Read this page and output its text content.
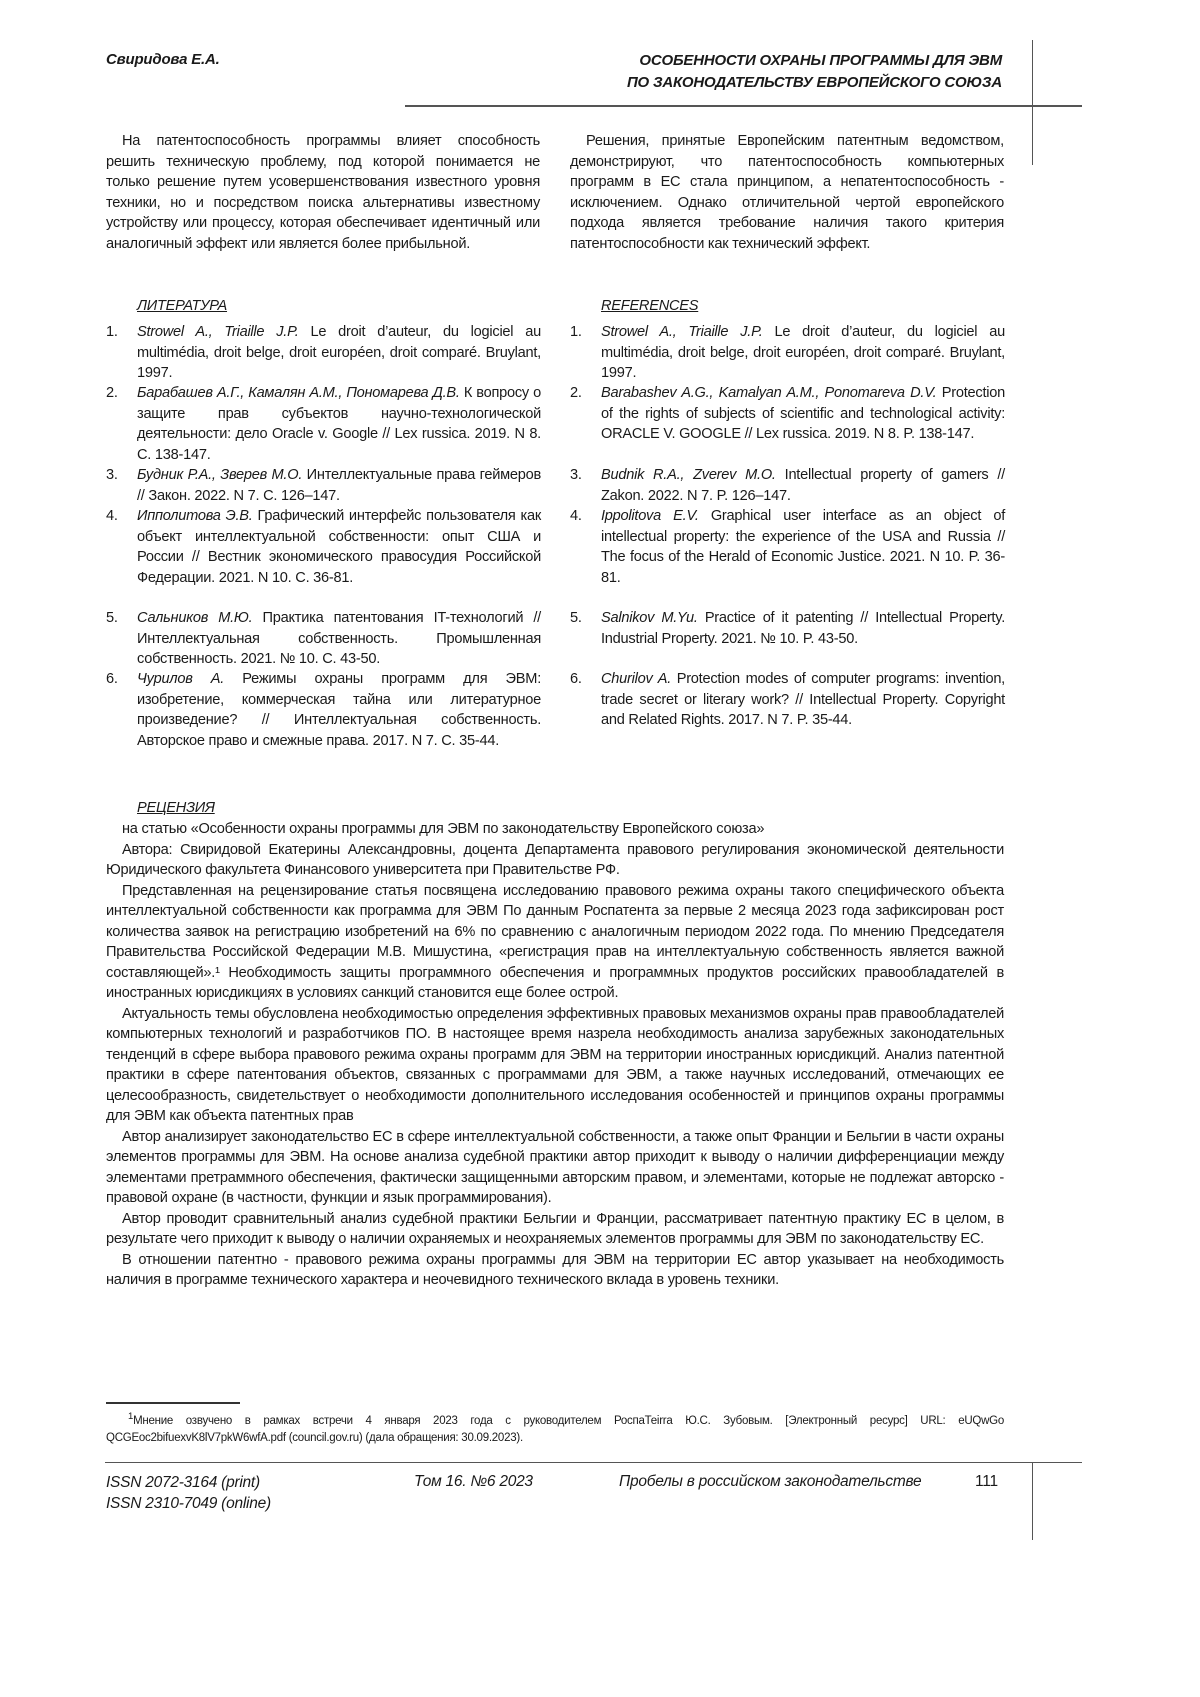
Свиридова Е.А.	ОСОБЕННОСТИ ОХРАНЫ ПРОГРАММЫ ДЛЯ ЭВМ
ПО ЗАКОНОДАТЕЛЬСТВУ ЕВРОПЕЙСКОГО СОЮЗА

На патентоспособность программы влияет способность решить техническую проблему, под которой понимается не только решение путем усовершенствования известного уровня техники, но и посредством поиска альтернативы известному устройству или процессу, которая обеспечивает идентичный или аналогичный эффект или является более прибыльной.

Решения, принятые Европейским патентным ведомством, демонстрируют, что патентоспособность компьютерных программ в ЕС стала принципом, а непатентоспособность - исключением. Однако отличительной чертой европейского подхода является требование наличия такого критерия патентоспособности как технический эффект.

ЛИТЕРАТУРА	REFERENCES
1.	Strowel A., Triaille J.P. Le droit d’auteur, du logiciel au multimédia, droit belge, droit européen, droit comparé. Bruylant, 1997.
2.	Барабашев А.Г., Камалян А.М., Пономарева Д.В. К вопросу о защите прав субъектов научно-технологической деятельности: дело Oracle v. Google // Lex russica. 2019. N 8. С. 138-147.
3.	Будник Р.А., Зверев М.О. Интеллектуальные права геймеров // Закон. 2022. N 7. С. 126–147.
4.	Ипполитова Э.В. Графический интерфейс пользователя как объект интеллектуальной собственности: опыт США и России // Вестник экономического правосудия Российской Федерации. 2021. N 10. С. 36-81.
5.	Сальников М.Ю. Практика патентования IT-технологий // Интеллектуальная собственность. Промышленная собственность. 2021. № 10. С. 43-50.
6.	Чурилов А. Режимы охраны программ для ЭВМ: изобретение, коммерческая тайна или литературное произведение? // Интеллектуальная собственность. Авторское право и смежные права. 2017. N 7. С. 35-44.
1.	Strowel A., Triaille J.P. Le droit d’auteur, du logiciel au multimédia, droit belge, droit européen, droit comparé. Bruylant, 1997.
2.	Barabashev A.G., Kamalyan A.M., Ponomareva D.V. Protection of the rights of subjects of scientific and technological activity: ORACLE V. GOOGLE // Lex russica. 2019. N 8. P. 138-147.
3.	Budnik R.A., Zverev M.O. Intellectual property of gamers // Zakon. 2022. N 7. P. 126–147.
4.	Ippolitova E.V. Graphical user interface as an object of intellectual property: the experience of the USA and Russia // The focus of the Herald of Economic Justice. 2021. N 10. P. 36-81.
5.	Salnikov M.Yu. Practice of it patenting // Intellectual Property. Industrial Property. 2021. № 10. P. 43-50.
6.	Churilov A. Protection modes of computer programs: invention, trade secret or literary work? // Intellectual Property. Copyright and Related Rights. 2017. N 7. P. 35-44.
РЕЦЕНЗИЯ

на статью «Особенности охраны программы для ЭВМ по законодательству Европейского союза»

Автора: Свиридовой Екатерины Александровны, доцента Департамента правового регулирования экономической деятельности Юридического факультета Финансового университета при Правительстве РФ.

Представленная на рецензирование статья посвящена исследованию правового режима охраны такого специфического объекта интеллектуальной собственности как программа для ЭВМ По данным Роспатента за первые 2 месяца 2023 года зафиксирован рост количества заявок на регистрацию изобретений на 6% по сравнению с аналогичным периодом 2022 года. По мнению Председателя Правительства Российской Федерации М.В. Мишустина, «регистрация прав на интеллектуальную собственность является важной составляющей».¹ Необходимость защиты программного обеспечения и программных продуктов российских правообладателей в иностранных юрисдикциях в условиях санкций становится еще более острой.

Актуальность темы обусловлена необходимостью определения эффективных правовых механизмов охраны прав правообладателей компьютерных технологий и разработчиков ПО. В настоящее время назрела необходимость анализа зарубежных законодательных тенденций в сфере выбора правового режима охраны программ для ЭВМ на территории иностранных юрисдикций. Анализ патентной практики в сфере патентования объектов, связанных с программами для ЭВМ, а также научных исследований, отмечающих ее целесообразность, свидетельствует о необходимости дополнительного исследования особенностей и принципов охраны программы для ЭВМ как объекта патентных прав

Автор анализирует законодательство ЕС в сфере интеллектуальной собственности, а также опыт Франции и Бельгии в части охраны элементов программы для ЭВМ. На основе анализа судебной практики автор приходит к выводу о наличии дифференциации между элементами претраммного обеспечения, фактически защищенными авторским правом, и элементами, которые не подлежат авторско - правовой охране (в частности, функции и язык программирования).

Автор проводит сравнительный анализ судебной практики Бельгии и Франции, рассматривает патентную практику ЕС в целом, в результате чего приходит к выводу о наличии охраняемых и неохраняемых элементов программы для ЭВМ по законодательству ЕС.

В отношении патентно - правового режима охраны программы для ЭВМ на территории ЕС автор указывает на необходимость наличия в программе технического характера и неочевидного технического вклада в уровень техники.

1Мнение озвучено в рамках встречи 4 января 2023 года с руководителем РоспаТеirrа Ю.С. Зубовым. [Электронный ресурс] URL: eUQwGo QCGEoc2bifuexvK8lV7pkW6wfA.pdf (council.gov.ru) (дала обращения: 30.09.2023).
ISSN 2072-3164 (print)
ISSN 2310-7049 (online)
Том 16. №6 2023	Пробелы в российском законодательстве	111
